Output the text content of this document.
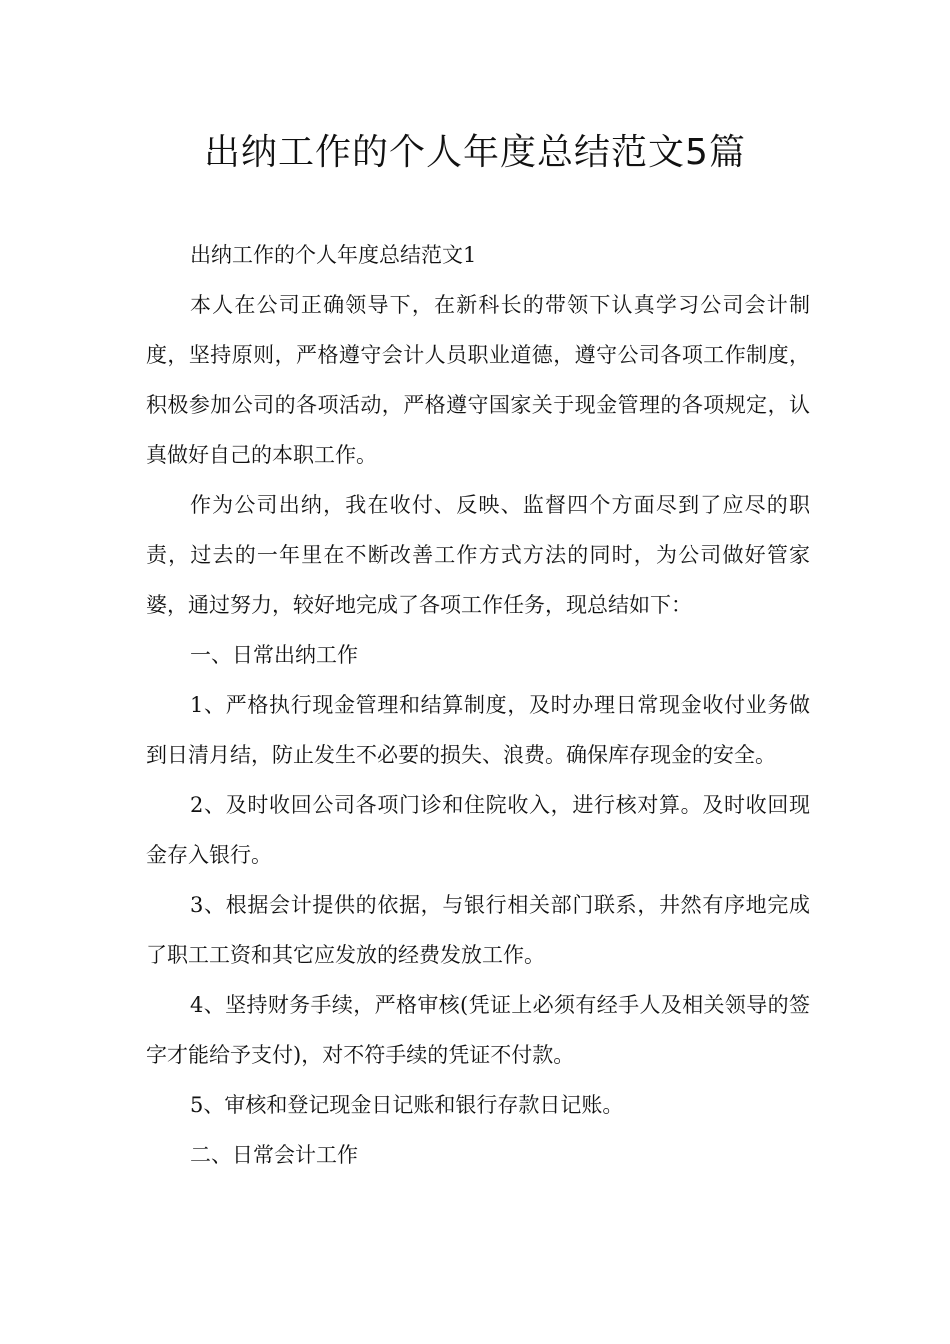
出纳工作的个人年度总结范文5篇

出纳工作的个人年度总结范文1

本人在公司正确领导下，在新科长的带领下认真学习公司会计制度，坚持原则，严格遵守会计人员职业道德，遵守公司各项工作制度，积极参加公司的各项活动，严格遵守国家关于现金管理的各项规定，认真做好自己的本职工作。

作为公司出纳，我在收付、反映、监督四个方面尽到了应尽的职责，过去的一年里在不断改善工作方式方法的同时，为公司做好管家婆，通过努力，较好地完成了各项工作任务，现总结如下：

一、日常出纳工作

1、严格执行现金管理和结算制度，及时办理日常现金收付业务做到日清月结，防止发生不必要的损失、浪费。确保库存现金的安全。

2、及时收回公司各项门诊和住院收入，进行核对算。及时收回现金存入银行。

3、根据会计提供的依据，与银行相关部门联系，井然有序地完成了职工工资和其它应发放的经费发放工作。

4、坚持财务手续，严格审核(凭证上必须有经手人及相关领导的签字才能给予支付)，对不符手续的凭证不付款。

5、审核和登记现金日记账和银行存款日记账。

二、日常会计工作
